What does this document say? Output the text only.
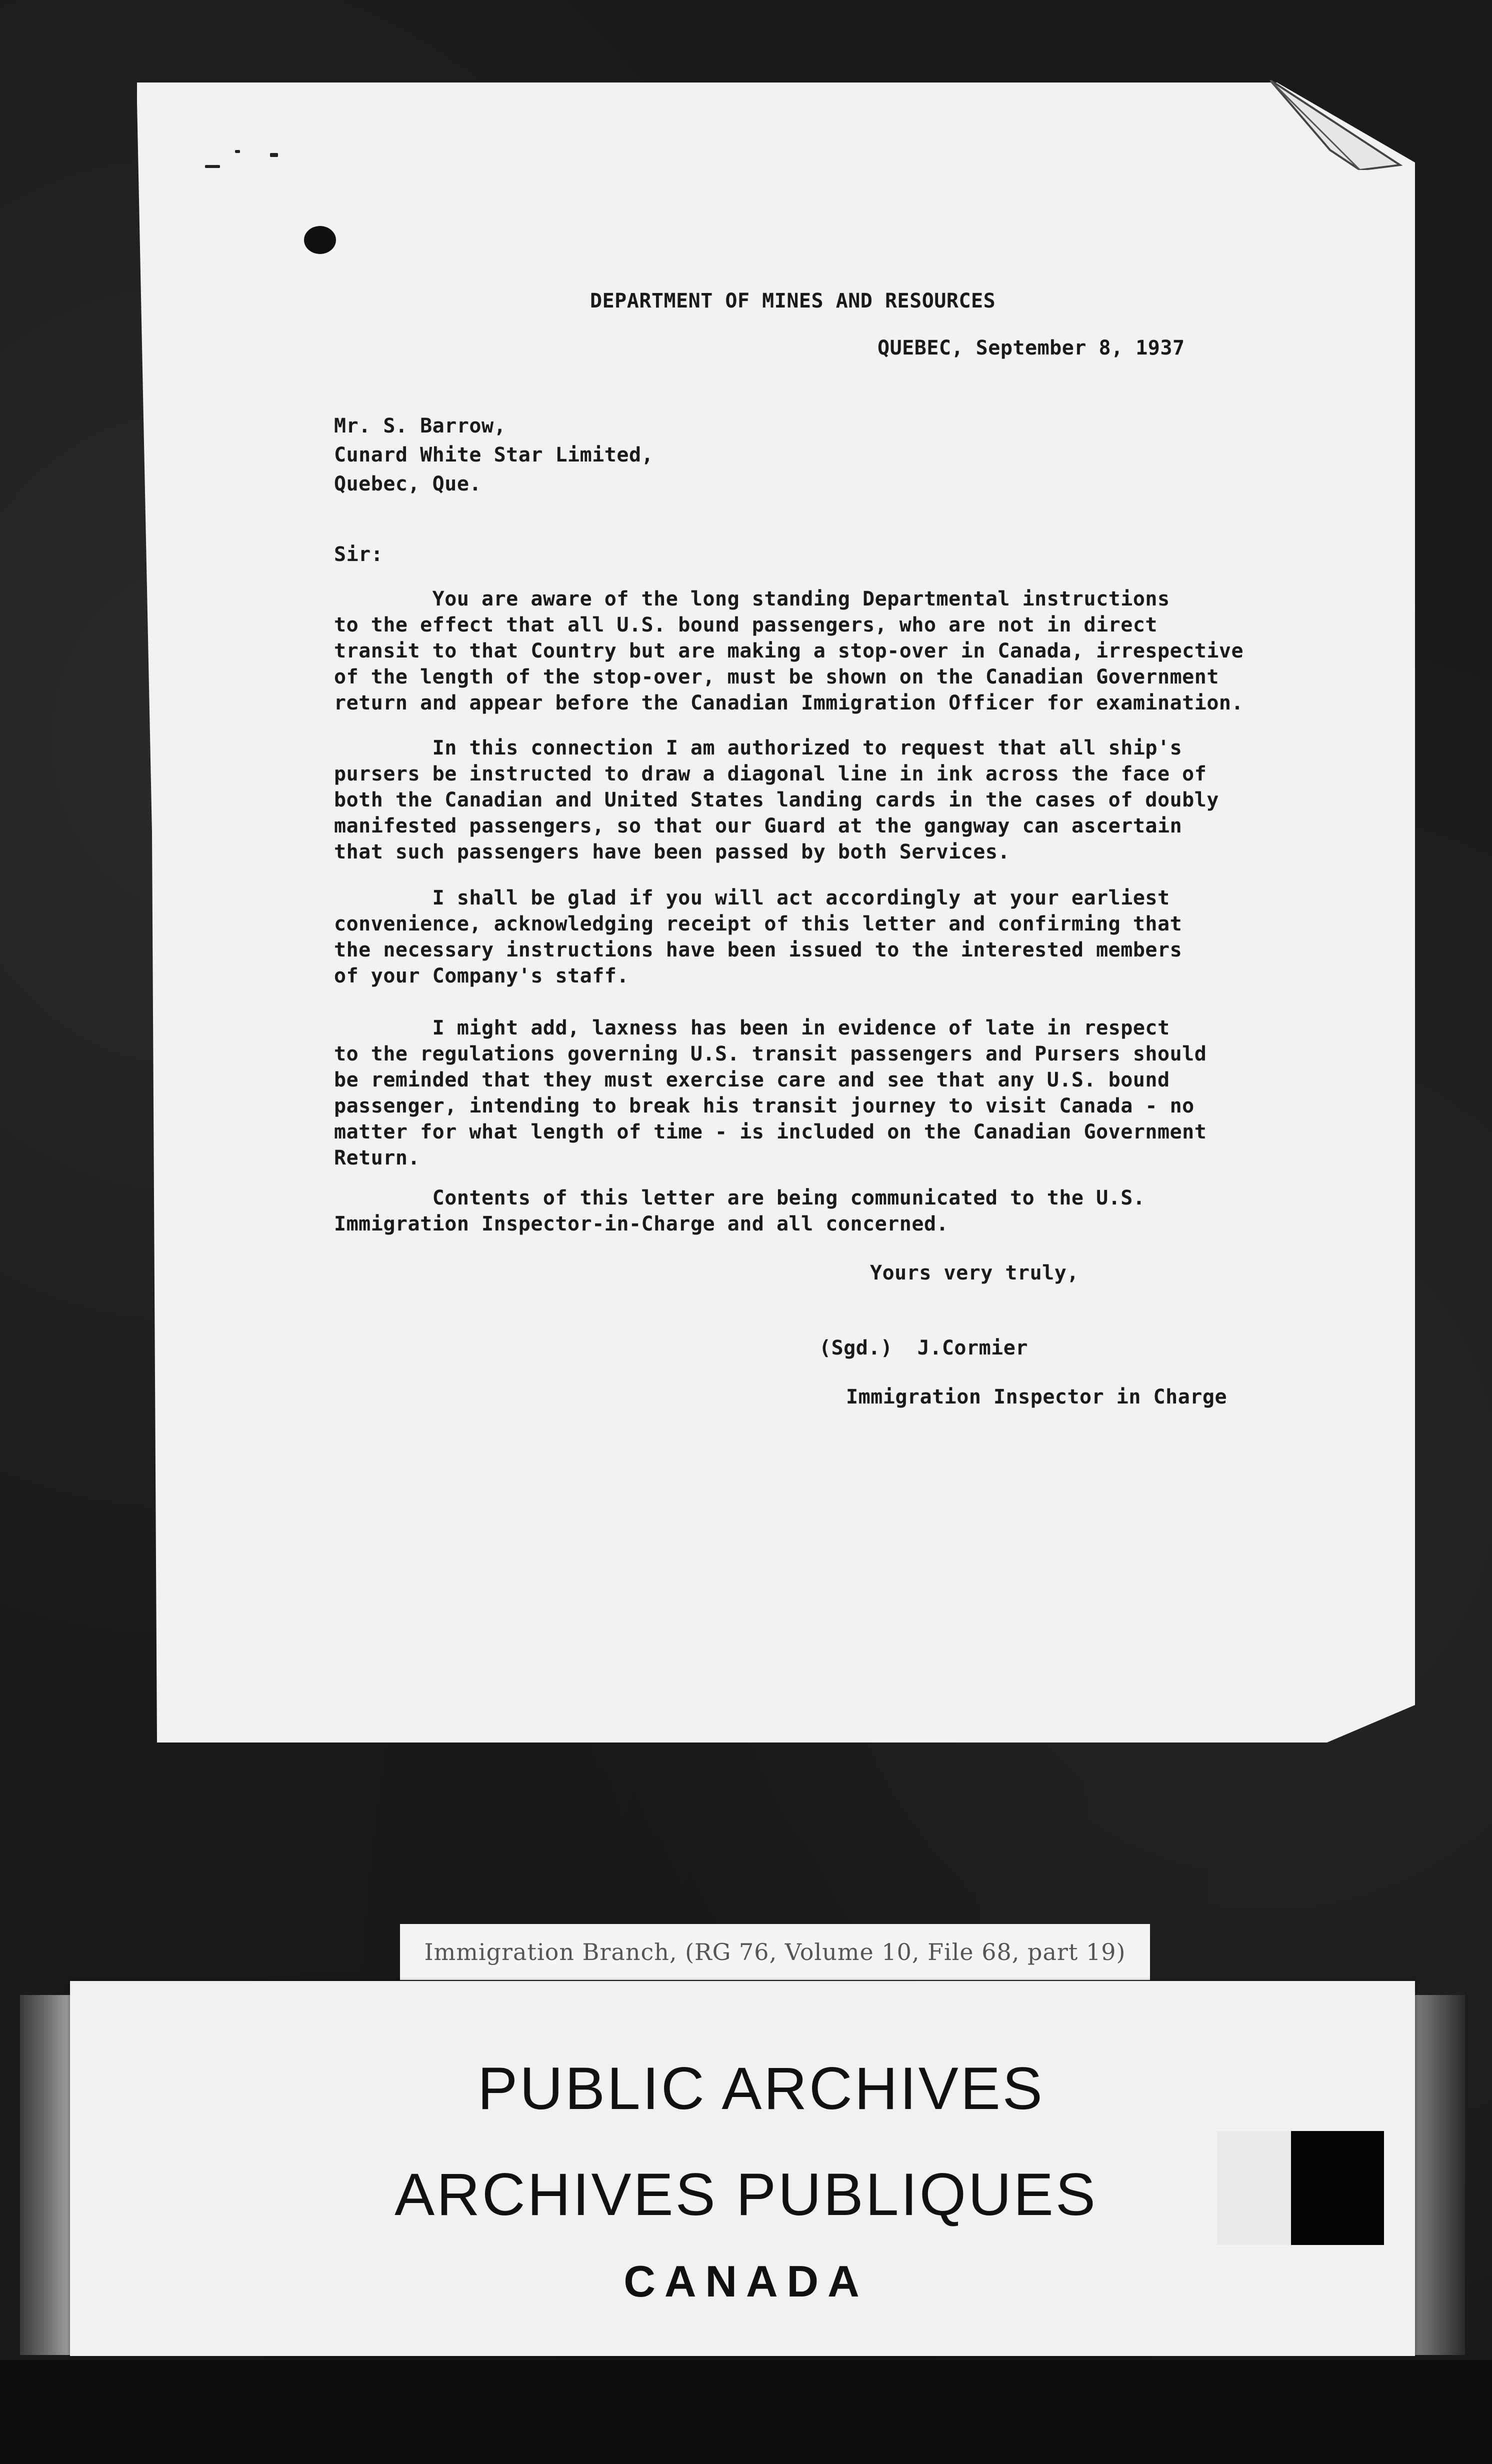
DEPARTMENT OF MINES AND RESOURCES
QUEBEC, September 8, 1937
Mr. S. Barrow,
Cunard White Star Limited,
Quebec, Que.
Sir:
You are aware of the long standing Departmental instructions
to the effect that all U.S. bound passengers, who are not in direct
transit to that Country but are making a stop-over in Canada, irrespective
of the length of the stop-over, must be shown on the Canadian Government
return and appear before the Canadian Immigration Officer for examination.
In this connection I am authorized to request that all ship's
pursers be instructed to draw a diagonal line in ink across the face of
both the Canadian and United States landing cards in the cases of doubly
manifested passengers, so that our Guard at the gangway can ascertain
that such passengers have been passed by both Services.
I shall be glad if you will act accordingly at your earliest
convenience, acknowledging receipt of this letter and confirming that
the necessary instructions have been issued to the interested members
of your Company's staff.
I might add, laxness has been in evidence of late in respect
to the regulations governing U.S. transit passengers and Pursers should
be reminded that they must exercise care and see that any U.S. bound
passenger, intending to break his transit journey to visit Canada - no
matter for what length of time - is included on the Canadian Government
Return.
Contents of this letter are being communicated to the U.S.
Immigration Inspector-in-Charge and all concerned.
Yours very truly,
(Sgd.)  J.Cormier
Immigration Inspector in Charge
Immigration Branch, (RG 76, Volume 10, File 68, part 19)
PUBLIC ARCHIVES
ARCHIVES PUBLIQUES
CANADA
